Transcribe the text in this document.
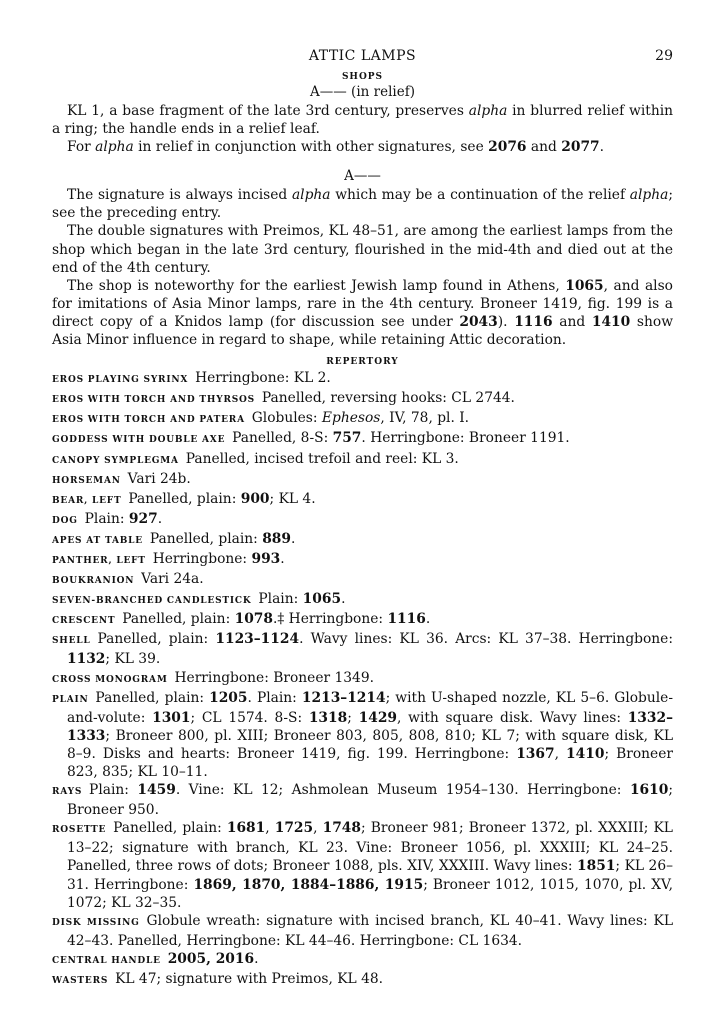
ATTIC LAMPS	29
SHOPS
A—— (in relief)

KL 1, a base fragment of the late 3rd century, preserves alpha in blurred relief within a ring; the handle ends in a relief leaf.

For alpha in relief in conjunction with other signatures, see 2076 and 2077.

A——

The signature is always incised alpha which may be a continuation of the relief alpha; see the preceding entry.

The double signatures with Preimos, KL 48–51, are among the earliest lamps from the shop which began in the late 3rd century, flourished in the mid-4th and died out at the end of the 4th century.

The shop is noteworthy for the earliest Jewish lamp found in Athens, 1065, and also for imitations of Asia Minor lamps, rare in the 4th century. Broneer 1419, fig. 199 is a direct copy of a Knidos lamp (for discussion see under 2043). 1116 and 1410 show Asia Minor influence in regard to shape, while retaining Attic decoration.

REPERTORY
EROS PLAYING SYRINX  Herringbone: KL 2.
EROS WITH TORCH AND THYRSOS  Panelled, reversing hooks: CL 2744.
EROS WITH TORCH AND PATERA  Globules: Ephesos, IV, 78, pl. I.
GODDESS WITH DOUBLE AXE  Panelled, 8-S: 757. Herringbone: Broneer 1191.
CANOPY SYMPLEGMA  Panelled, incised trefoil and reel: KL 3.
HORSEMAN  Vari 24b.
BEAR, LEFT  Panelled, plain: 900; KL 4.
DOG  Plain: 927.
APES AT TABLE  Panelled, plain: 889.
PANTHER, LEFT  Herringbone: 993.
BOUKRANION  Vari 24a.
SEVEN-BRANCHED CANDLESTICK  Plain: 1065.
CRESCENT  Panelled, plain: 1078.‡ Herringbone: 1116.
SHELL  Panelled, plain: 1123–1124. Wavy lines: KL 36. Arcs: KL 37–38. Herringbone: 1132; KL 39.
CROSS MONOGRAM  Herringbone: Broneer 1349.
PLAIN  Panelled, plain: 1205. Plain: 1213–1214; with U-shaped nozzle, KL 5–6. Globule-and-volute: 1301; CL 1574. 8-S: 1318; 1429, with square disk. Wavy lines: 1332–1333; Broneer 800, pl. XIII; Broneer 803, 805, 808, 810; KL 7; with square disk, KL 8–9. Disks and hearts: Broneer 1419, fig. 199. Herringbone: 1367, 1410; Broneer 823, 835; KL 10–11.
RAYS  Plain: 1459. Vine: KL 12; Ashmolean Museum 1954–130. Herringbone: 1610; Broneer 950.
ROSETTE  Panelled, plain: 1681, 1725, 1748; Broneer 981; Broneer 1372, pl. XXXIII; KL 13–22; signature with branch, KL 23. Vine: Broneer 1056, pl. XXXIII; KL 24–25. Panelled, three rows of dots; Broneer 1088, pls. XIV, XXXIII. Wavy lines: 1851; KL 26–31. Herringbone: 1869, 1870, 1884–1886, 1915; Broneer 1012, 1015, 1070, pl. XV, 1072; KL 32–35.
DISK MISSING  Globule wreath: signature with incised branch, KL 40–41. Wavy lines: KL 42–43. Panelled, Herringbone: KL 44–46. Herringbone: CL 1634.
CENTRAL HANDLE  2005, 2016.
WASTERS  KL 47; signature with Preimos, KL 48.
